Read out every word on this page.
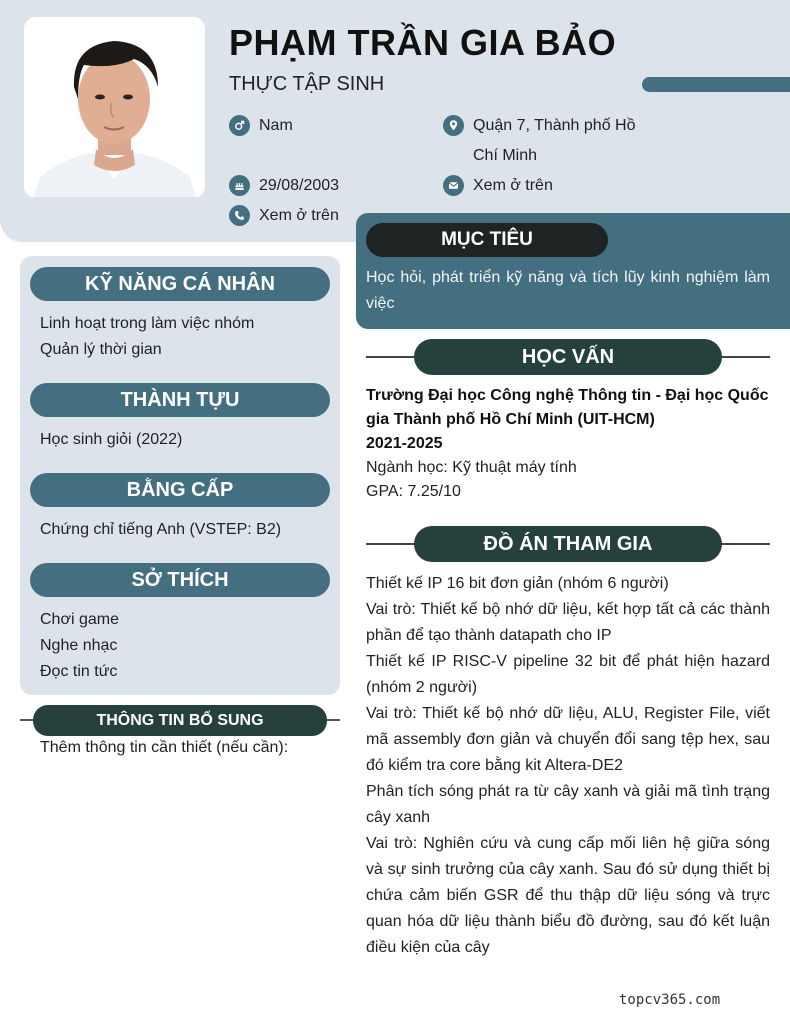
PHẠM TRẦN GIA BẢO
THỰC TẬP SINH
Nam	Quận 7, Thành phố Hồ Chí Minh
29/08/2003	Xem ở trên
Xem ở trên
MỤC TIÊU
Học hỏi, phát triển kỹ năng và tích lũy kinh nghiệm làm việc
KỸ NĂNG CÁ NHÂN
Linh hoạt trong làm việc nhóm
Quản lý thời gian
THÀNH TỰU
Học sinh giỏi (2022)
BẰNG CẤP
Chứng chỉ tiếng Anh (VSTEP: B2)
SỞ THÍCH
Chơi game
Nghe nhạc
Đọc tin tức
THÔNG TIN BỔ SUNG
Thêm thông tin cần thiết (nếu cần):
HỌC VẤN
Trường Đại học Công nghệ Thông tin - Đại học Quốc gia Thành phố Hồ Chí Minh (UIT-HCM)
2021-2025
Ngành học: Kỹ thuật máy tính
GPA: 7.25/10
ĐỒ ÁN THAM GIA
Thiết kế IP 16 bit đơn giản (nhóm 6 người)
Vai trò: Thiết kế bộ nhớ dữ liệu, kết hợp tất cả các thành phần để tạo thành datapath cho IP
Thiết kế IP RISC-V pipeline 32 bit để phát hiện hazard (nhóm 2 người)
Vai trò: Thiết kế bộ nhớ dữ liệu, ALU, Register File, viết mã assembly đơn giản và chuyển đổi sang tệp hex, sau đó kiểm tra core bằng kit Altera-DE2
Phân tích sóng phát ra từ cây xanh và giải mã tình trạng cây xanh
Vai trò: Nghiên cứu và cung cấp mối liên hệ giữa sóng và sự sinh trưởng của cây xanh. Sau đó sử dụng thiết bị chứa cảm biến GSR để thu thập dữ liệu sóng và trực quan hóa dữ liệu thành biểu đồ đường, sau đó kết luận điều kiện của cây
topcv365.com
